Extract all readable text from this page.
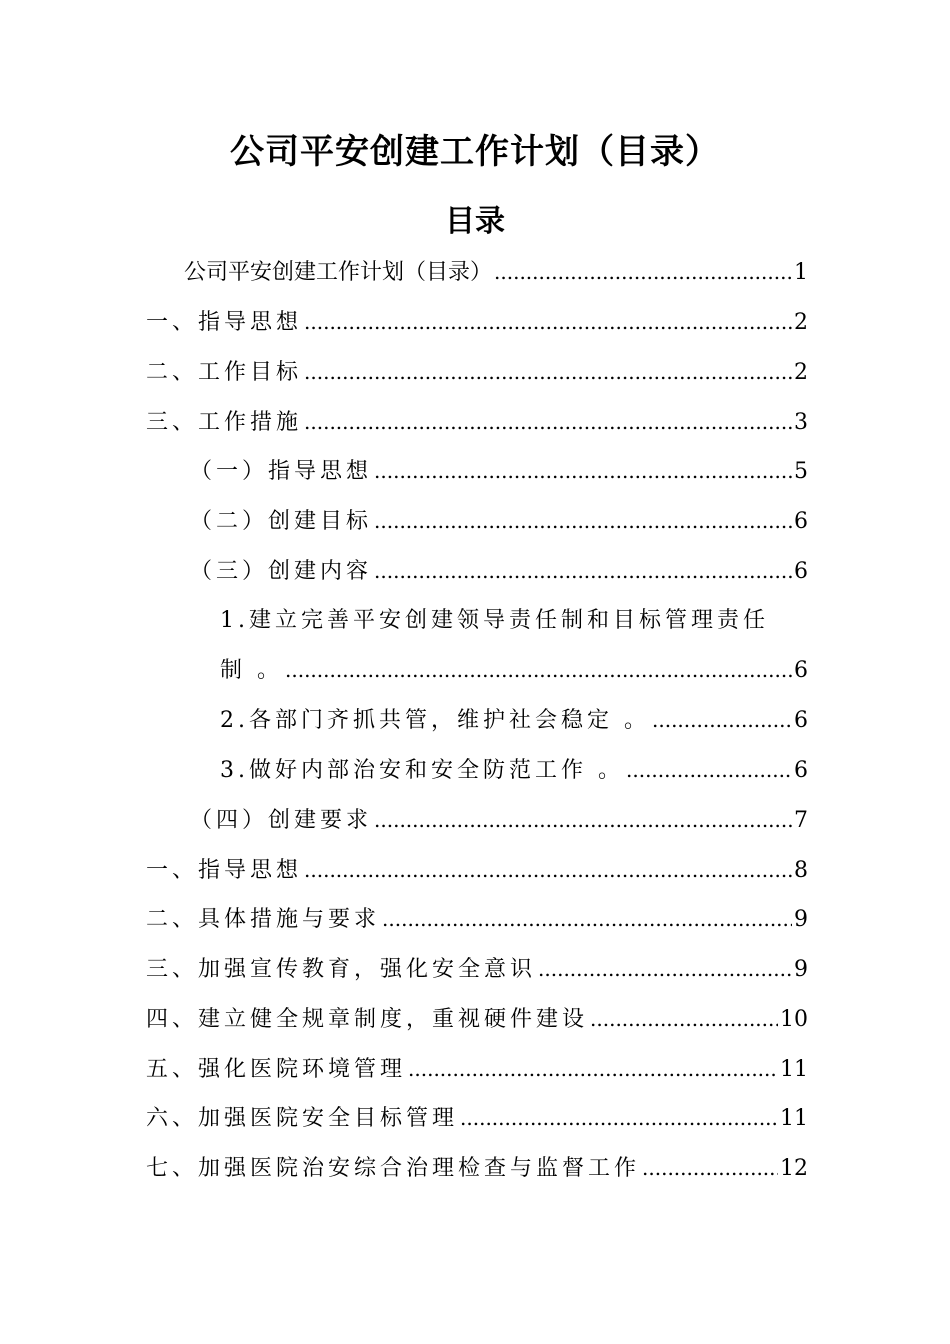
公司平安创建工作计划（目录）
目录
公司平安创建工作计划（目录） .....	1
一、指导思想 .....	2
二、工作目标 .....	2
三、工作措施 .....	3
（一）指导思想 .....	5
（二）创建目标 .....	6
（三）创建内容 .....	6
1.建立完善平安创建领导责任制和目标管理责任
制 。 .....	6
2.各部门齐抓共管，维护社会稳定 。 .....	6
3.做好内部治安和安全防范工作 。 .....	6
（四）创建要求 .....	7
一、指导思想 .....	8
二、具体措施与要求 .....	9
三、加强宣传教育，强化安全意识 .....	9
四、建立健全规章制度，重视硬件建设 .....	10
五、强化医院环境管理 .....	11
六、加强医院安全目标管理 .....	11
七、加强医院治安综合治理检查与监督工作 .....	12
